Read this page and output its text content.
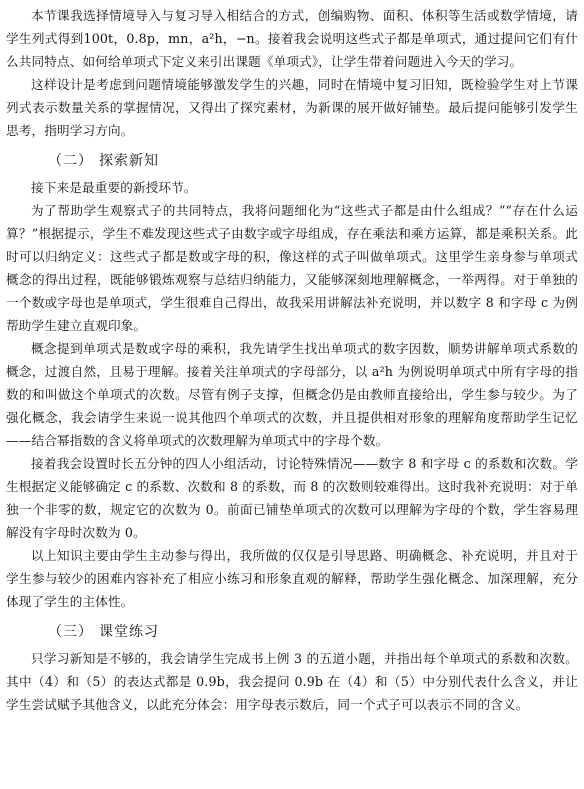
本节课我选择情境导入与复习导入相结合的方式，创编购物、面积、体积等生活或数学情境，请学生列式得到100t，0.8p，mn，a²h，−n。接着我会说明这些式子都是单项式，通过提问它们有什么共同特点、如何给单项式下定义来引出课题《单项式》，让学生带着问题进入今天的学习。

这样设计是考虑到问题情境能够激发学生的兴趣，同时在情境中复习旧知，既检验学生对上节课列式表示数量关系的掌握情况，又得出了探究素材，为新课的展开做好铺垫。最后提问能够引发学生思考，指明学习方向。

（二） 探索新知

接下来是最重要的新授环节。

为了帮助学生观察式子的共同特点，我将问题细化为“这些式子都是由什么组成？”“存在什么运算？”根据提示，学生不难发现这些式子由数字或字母组成，存在乘法和乘方运算，都是乘积关系。此时可以归纳定义：这些式子都是数或字母的积，像这样的式子叫做单项式。这里学生亲身参与单项式概念的得出过程，既能够锻炼观察与总结归纳能力，又能够深刻地理解概念，一举两得。对于单独的一个数或字母也是单项式，学生很难自己得出，故我采用讲解法补充说明，并以数字 8 和字母 c 为例帮助学生建立直观印象。

概念提到单项式是数或字母的乘积，我先请学生找出单项式的数字因数，顺势讲解单项式系数的概念，过渡自然，且易于理解。接着关注单项式的字母部分，以 a²h 为例说明单项式中所有字母的指数的和叫做这个单项式的次数。尽管有例子支撑，但概念仍是由教师直接给出，学生参与较少。为了强化概念，我会请学生来说一说其他四个单项式的次数，并且提供相对形象的理解角度帮助学生记忆——结合幂指数的含义将单项式的次数理解为单项式中的字母个数。

接着我会设置时长五分钟的四人小组活动，讨论特殊情况——数字 8 和字母 c 的系数和次数。学生根据定义能够确定 c 的系数、次数和 8 的系数，而 8 的次数则较难得出。这时我补充说明：对于单独一个非零的数，规定它的次数为 0。前面已铺垫单项式的次数可以理解为字母的个数，学生容易理解没有字母时次数为 0。

以上知识主要由学生主动参与得出，我所做的仅仅是引导思路、明确概念、补充说明，并且对于学生参与较少的困难内容补充了相应小练习和形象直观的解释，帮助学生强化概念、加深理解，充分体现了学生的主体性。

（三） 课堂练习

只学习新知是不够的，我会请学生完成书上例 3 的五道小题，并指出每个单项式的系数和次数。其中（4）和（5）的表达式都是 0.9b，我会提问 0.9b 在（4）和（5）中分别代表什么含义，并让学生尝试赋予其他含义，以此充分体会：用字母表示数后，同一个式子可以表示不同的含义。
